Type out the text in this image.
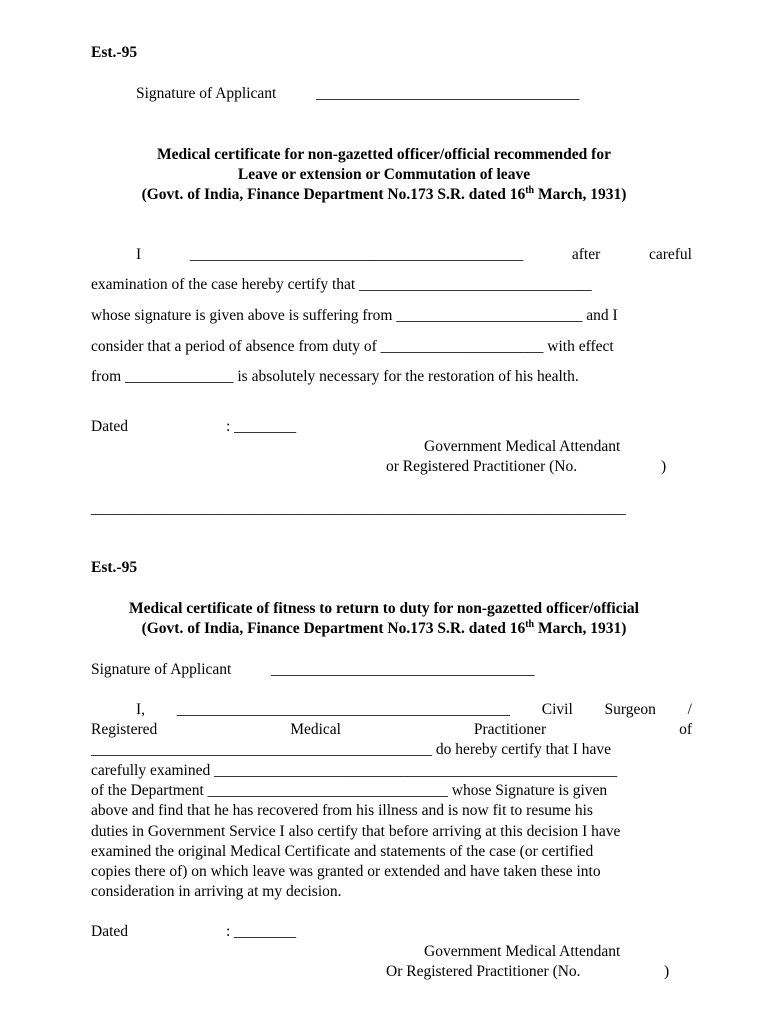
Est.-95
Signature of Applicant	__________________________________
Medical certificate for non-gazetted officer/official recommended for
Leave or extension or Commutation of leave
(Govt. of India, Finance Department No.173 S.R. dated 16th March, 1931)
I	___________________________________________	after	careful
examination of the case hereby certify that ______________________________
whose signature is given above is suffering from ________________________ and I
consider that a period of absence from duty of _____________________ with effect
from ______________ is absolutely necessary for the restoration of his health.
Dated	: ________
Government Medical Attendant
or Registered Practitioner (No.	)
_____________________________________________________________________
Est.-95
Medical certificate of fitness to return to duty for non-gazetted officer/official
(Govt. of India, Finance Department No.173 S.R. dated 16th March, 1931)
Signature of Applicant	__________________________________
I, ___________________________________________ Civil Surgeon /
Registered	Medical	Practitioner	of
____________________________________________ do hereby certify that I have
carefully examined ____________________________________________________
of the Department _______________________________ whose Signature is given
above and find that he has recovered from his illness and is now fit to resume his
duties in Government Service I also certify that before arriving at this decision I have
examined the original Medical Certificate and statements of the case (or certified
copies there of) on which leave was granted or extended and have taken these into
consideration in arriving at my decision.
Dated	: ________
Government Medical Attendant
Or Registered Practitioner (No.	)
